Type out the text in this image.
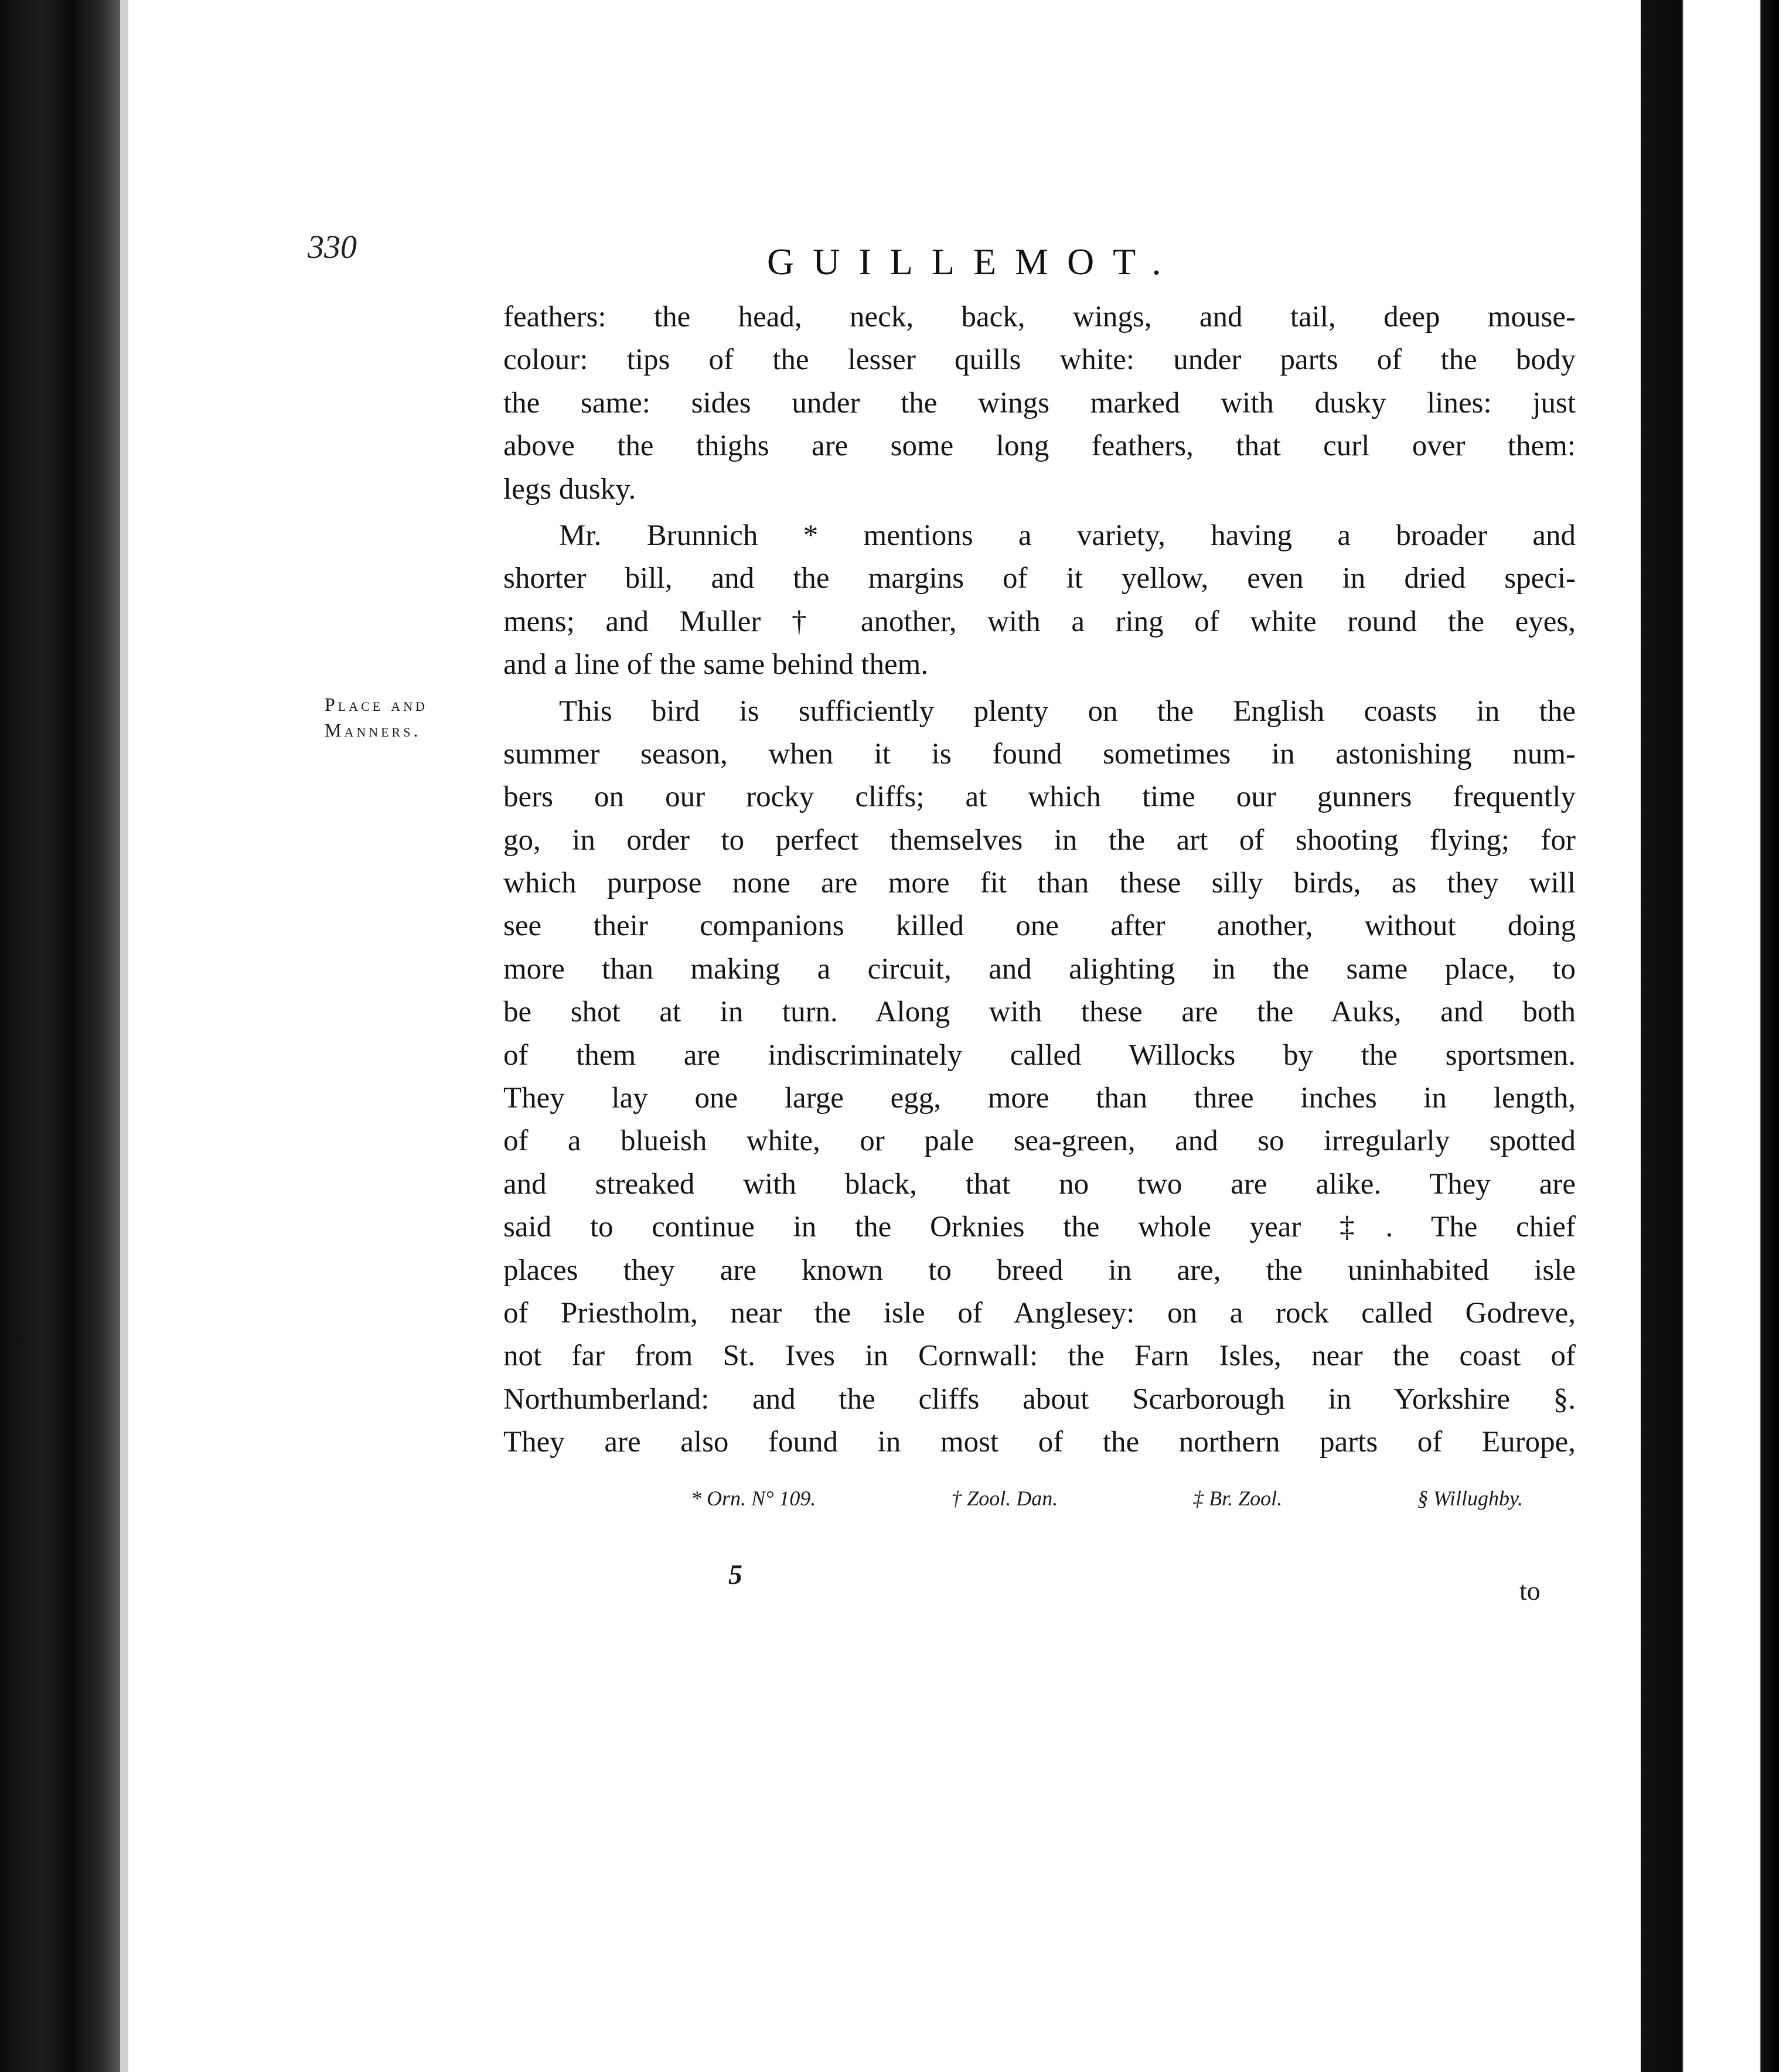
330	GUILLEMOT.
Place and
Manners.
feathers: the head, neck, back, wings, and tail, deep mouse-
colour: tips of the lesser quills white: under parts of the body
the same: sides under the wings marked with dusky lines: just
above the thighs are some long feathers, that curl over them:
legs dusky.
Mr. Brunnich * mentions a variety, having a broader and
shorter bill, and the margins of it yellow, even in dried speci-
mens; and Muller † another, with a ring of white round the eyes,
and a line of the same behind them.
This bird is sufficiently plenty on the English coasts in the
summer season, when it is found sometimes in astonishing num-
bers on our rocky cliffs; at which time our gunners frequently
go, in order to perfect themselves in the art of shooting flying; for
which purpose none are more fit than these silly birds, as they will
see their companions killed one after another, without doing
more than making a circuit, and alighting in the same place, to
be shot at in turn. Along with these are the Auks, and both
of them are indiscriminately called Willocks by the sportsmen.
They lay one large egg, more than three inches in length,
of a blueish white, or pale sea-green, and so irregularly spotted
and streaked with black, that no two are alike. They are
said to continue in the Orknies the whole year ‡. The chief
places they are known to breed in are, the uninhabited isle
of Priestholm, near the isle of Anglesey: on a rock called Godreve,
not far from St. Ives in Cornwall: the Farn Isles, near the coast of
Northumberland: and the cliffs about Scarborough in Yorkshire §.
They are also found in most of the northern parts of Europe,
* Orn. N° 109.	† Zool. Dan.	‡ Br. Zool.	§ Willughby.
5
to
